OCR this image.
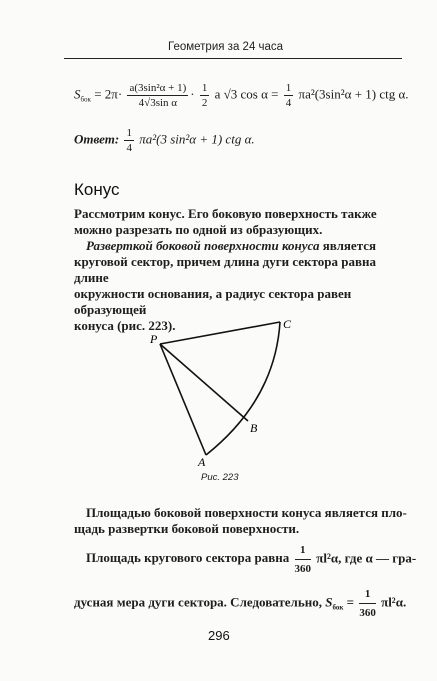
Геометрия за 24 часа
$S_{бок} = 2\pi\cdot \frac{\text{a(3sin²α + 1)}}{\text{4√3sin α}} \cdot \frac{1}{2}$ a √3 $\cos \alpha = \frac{1}{4} \pi a^2(3\sin^2\alpha + 1)$ ctg α.
Ответ: $\frac{1}{4} \pi a^2(3$ sin²α + 1) ctg α.
Конус
Рассмотрим конус. Его боковую поверхность также
можно разрезать по одной из образующих.
Разверткой боковой поверхности конуса является
круговой сектор, причем длина дуги сектора равна длине
окружности основания, а радиус сектора равен образующей
конуса (рис. 223).
P
C
B
A
Рис. 223
Площадью боковой поверхности конуса является пло-
щадь развертки боковой поверхности.
Площадь кругового сектора равна $\frac{1}{360} \pi l^2\alpha$, где α — гра-
дусная мера дуги сектора. Следовательно, $S_{бок} = \frac{1}{360} \pi l^2\alpha$.
296
